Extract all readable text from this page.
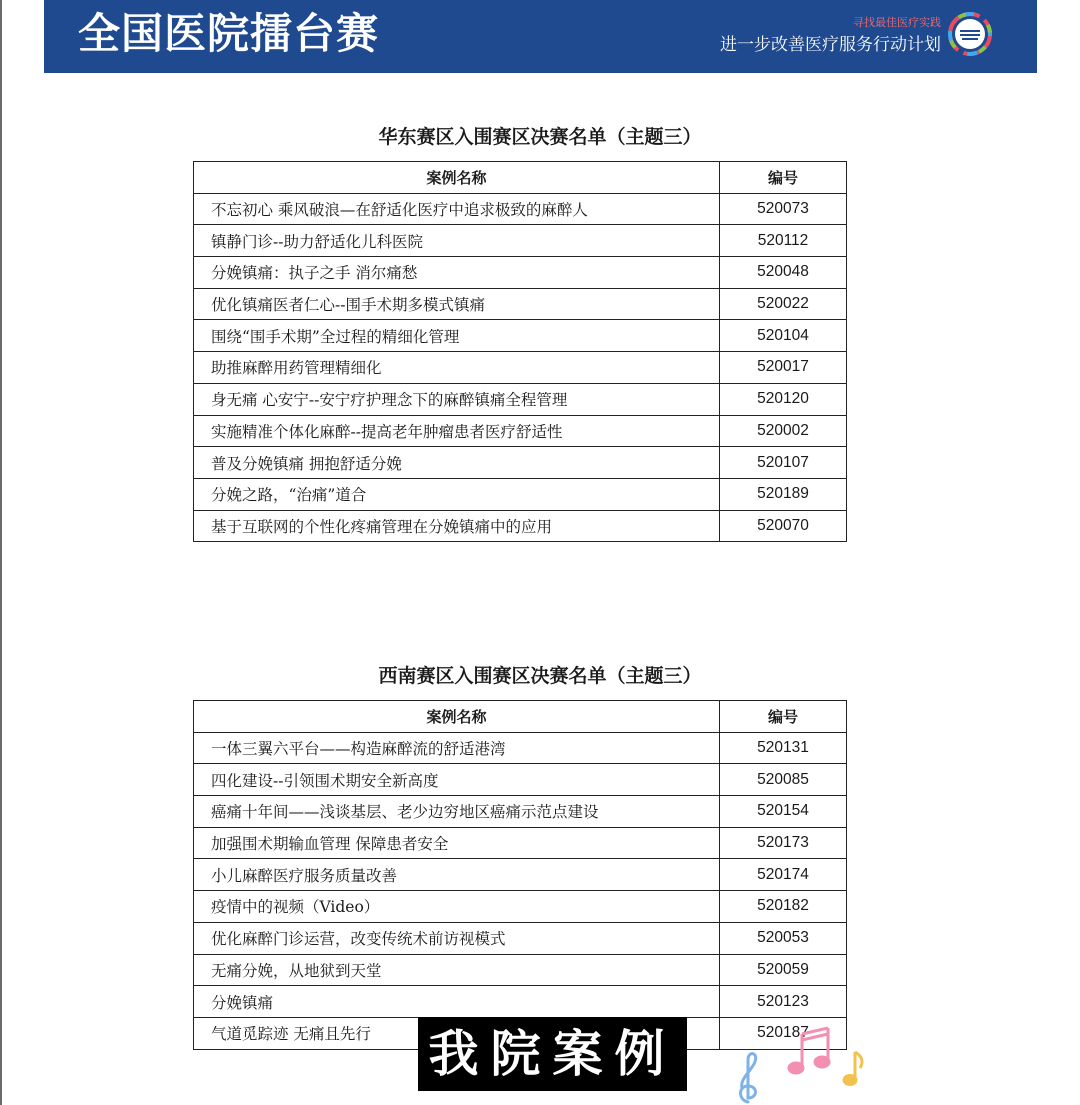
全国医院擂台赛	寻找最佳医疗实践
进一步改善医疗服务行动计划
华东赛区入围赛区决赛名单（主题三）
案例名称	编号
不忘初心 乘风破浪—在舒适化医疗中追求极致的麻醉人	520073
镇静门诊--助力舒适化儿科医院	520112
分娩镇痛：执子之手 消尔痛愁	520048
优化镇痛医者仁心--围手术期多模式镇痛	520022
围绕“围手术期”全过程的精细化管理	520104
助推麻醉用药管理精细化	520017
身无痛 心安宁--安宁疗护理念下的麻醉镇痛全程管理	520120
实施精准个体化麻醉--提高老年肿瘤患者医疗舒适性	520002
普及分娩镇痛 拥抱舒适分娩	520107
分娩之路，“治痛”道合	520189
基于互联网的个性化疼痛管理在分娩镇痛中的应用	520070
西南赛区入围赛区决赛名单（主题三）
案例名称	编号
一体三翼六平台——构造麻醉流的舒适港湾	520131
四化建设--引领围术期安全新高度	520085
癌痛十年间——浅谈基层、老少边穷地区癌痛示范点建设	520154
加强围术期输血管理 保障患者安全	520173
小儿麻醉医疗服务质量改善	520174
疫情中的视频（Video）	520182
优化麻醉门诊运营，改变传统术前访视模式	520053
无痛分娩，从地狱到天堂	520059
分娩镇痛	520123
气道觅踪迹 无痛且先行	520187
我院案例
